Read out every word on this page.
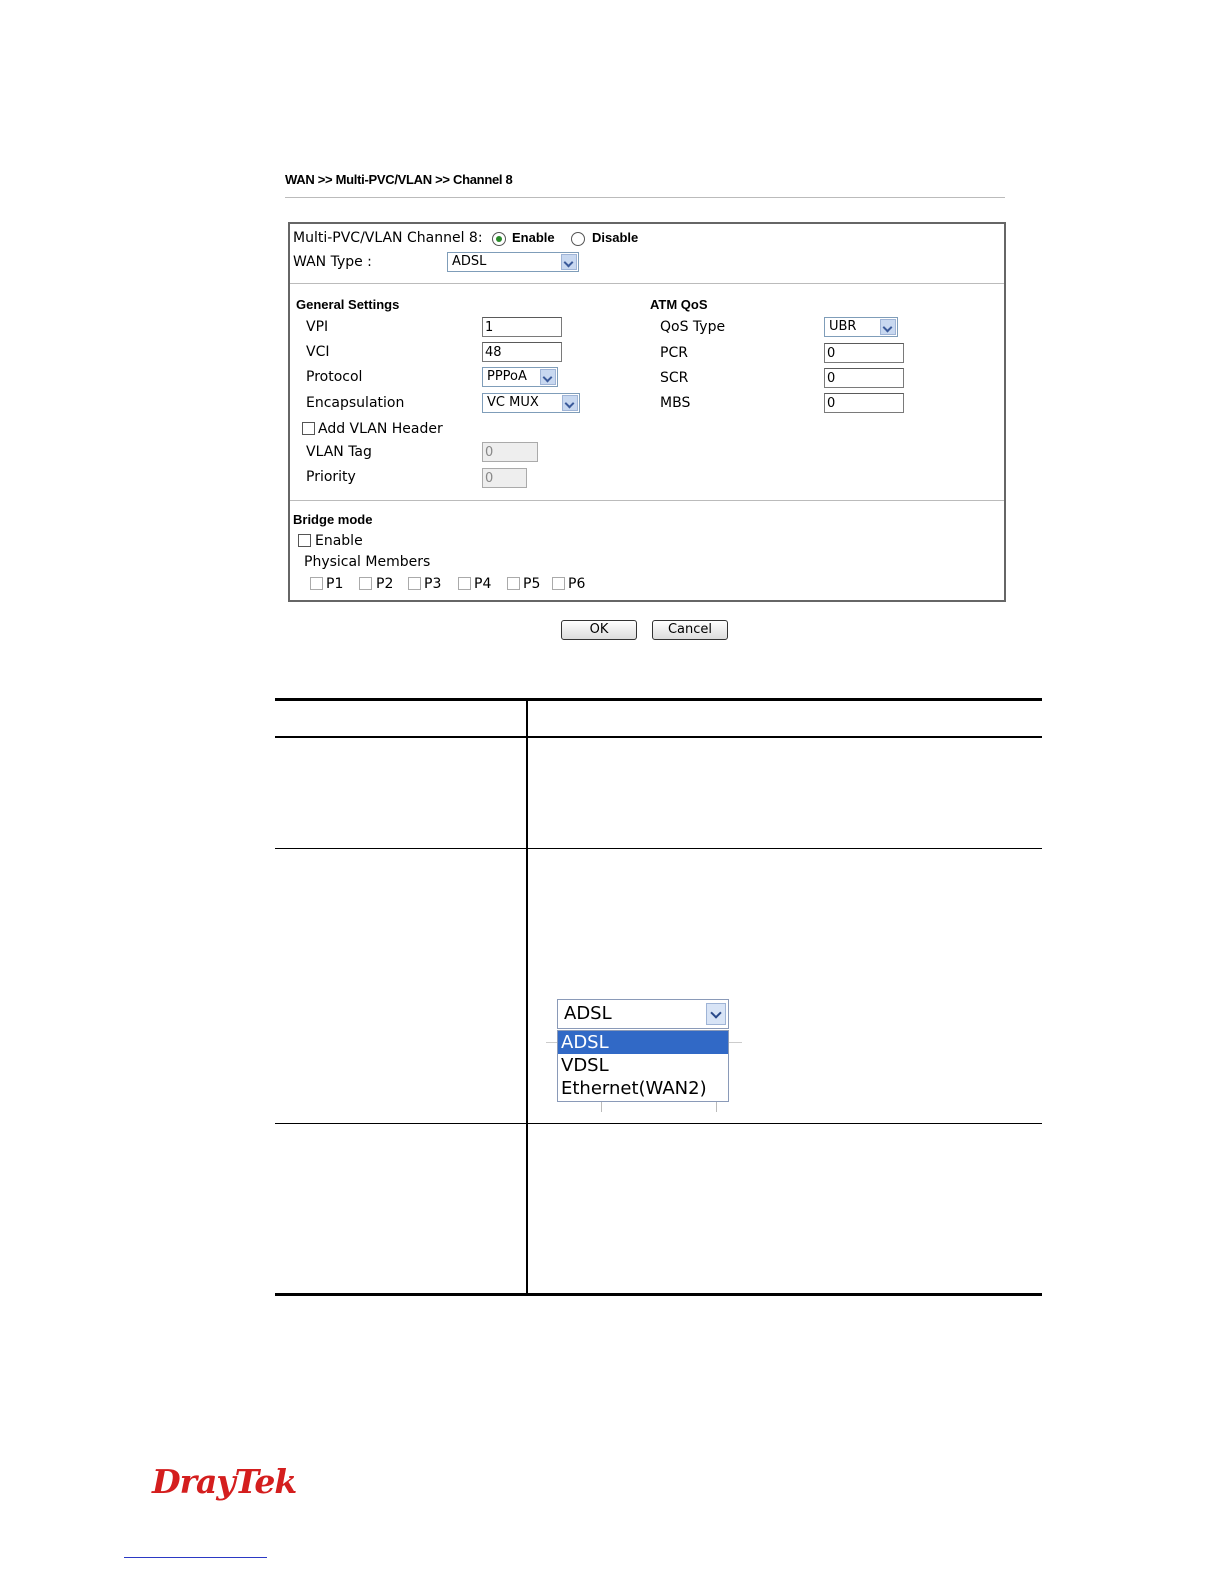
WAN >> Multi-PVC/VLAN >> Channel 8
Multi-PVC/VLAN Channel 8: Enable	Disable
WAN Type :	ADSL
General Settings
VPI	1
VCI	48
Protocol	PPPoA
Encapsulation	VC MUX
Add VLAN Header
VLAN Tag	0
Priority	0
ATM QoS
QoS Type	UBR
PCR	0
SCR	0
MBS	0
Bridge mode
Enable
Physical Members
P1 P2 P3 P4 P5 P6
OK	Cancel
ADSL
ADSL
VDSL
Ethernet(WAN2)
DrayTek
